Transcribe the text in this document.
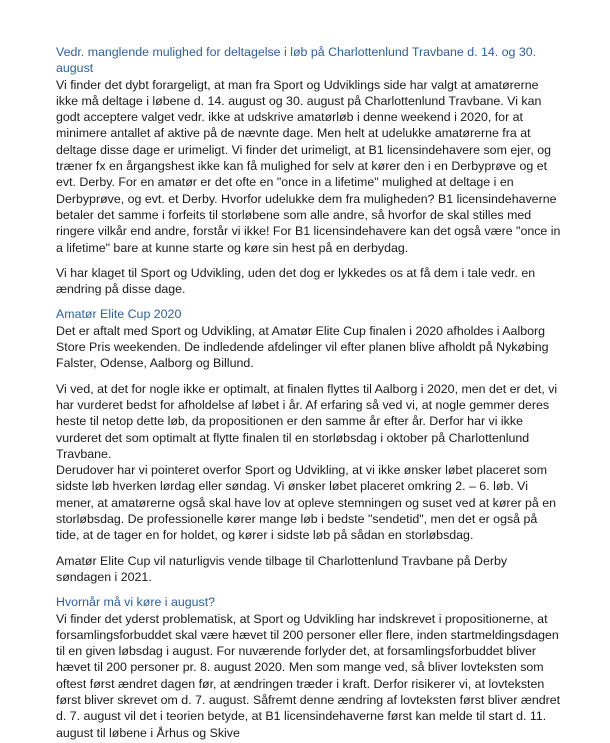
Vedr. manglende mulighed for deltagelse i løb på Charlottenlund Travbane d. 14. og 30. august

Vi finder det dybt forargeligt, at man fra Sport og Udviklings side har valgt at amatørerne ikke må deltage i løbene d. 14. august og 30. august på Charlottenlund Travbane. Vi kan godt acceptere valget vedr. ikke at udskrive amatørløb i denne weekend i 2020, for at minimere antallet af aktive på de nævnte dage. Men helt at udelukke amatørerne fra at deltage disse dage er urimeligt. Vi finder det urimeligt, at B1 licensindehavere som ejer, og træner fx en årgangshest ikke kan få mulighed for selv at kører den i en Derbyprøve og et evt. Derby. For en amatør er det ofte en "once in a lifetime" mulighed at deltage i en Derbyprøve, og evt. et Derby. Hvorfor udelukke dem fra muligheden? B1 licensindehaverne betaler det samme i forfeits til storløbene som alle andre, så hvorfor de skal stilles med ringere vilkår end andre, forstår vi ikke! For B1 licensindehavere kan det også være "once in a lifetime" bare at kunne starte og køre sin hest på en derbydag.

Vi har klaget til Sport og Udvikling, uden det dog er lykkedes os at få dem i tale vedr. en ændring på disse dage.

Amatør Elite Cup 2020

Det er aftalt med Sport og Udvikling, at Amatør Elite Cup finalen i 2020 afholdes i Aalborg Store Pris weekenden. De indledende afdelinger vil efter planen blive afholdt på Nykøbing Falster, Odense, Aalborg og Billund.

Vi ved, at det for nogle ikke er optimalt, at finalen flyttes til Aalborg i 2020, men det er det, vi har vurderet bedst for afholdelse af løbet i år. Af erfaring så ved vi, at nogle gemmer deres heste til netop dette løb, da propositionen er den samme år efter år. Derfor har vi ikke vurderet det som optimalt at flytte finalen til en storløbsdag i oktober på Charlottenlund Travbane.

Derudover har vi pointeret overfor Sport og Udvikling, at vi ikke ønsker løbet placeret som sidste løb hverken lørdag eller søndag. Vi ønsker løbet placeret omkring 2. – 6. løb. Vi mener, at amatørerne også skal have lov at opleve stemningen og suset ved at kører på en storløbsdag. De professionelle kører mange løb i bedste "sendetid", men det er også på tide, at de tager en for holdet, og kører i sidste løb på sådan en storløbsdag.

Amatør Elite Cup vil naturligvis vende tilbage til Charlottenlund Travbane på Derby søndagen i 2021.

Hvornår må vi køre i august?

Vi finder det yderst problematisk, at Sport og Udvikling har indskrevet i propositionerne, at forsamlingsforbuddet skal være hævet til 200 personer eller flere, inden startmeldingsdagen til en given løbsdag i august. For nuværende forlyder det, at forsamlingsforbuddet bliver hævet til 200 personer pr. 8. august 2020. Men som mange ved, så bliver lovteksten som oftest først ændret dagen før, at ændringen træder i kraft. Derfor risikerer vi, at lovteksten først bliver skrevet om d. 7. august. Såfremt denne ændring af lovteksten først bliver ændret d. 7. august vil det i teorien betyde, at B1 licensindehaverne først kan melde til start d. 11. august til løbene i Århus og Skive
